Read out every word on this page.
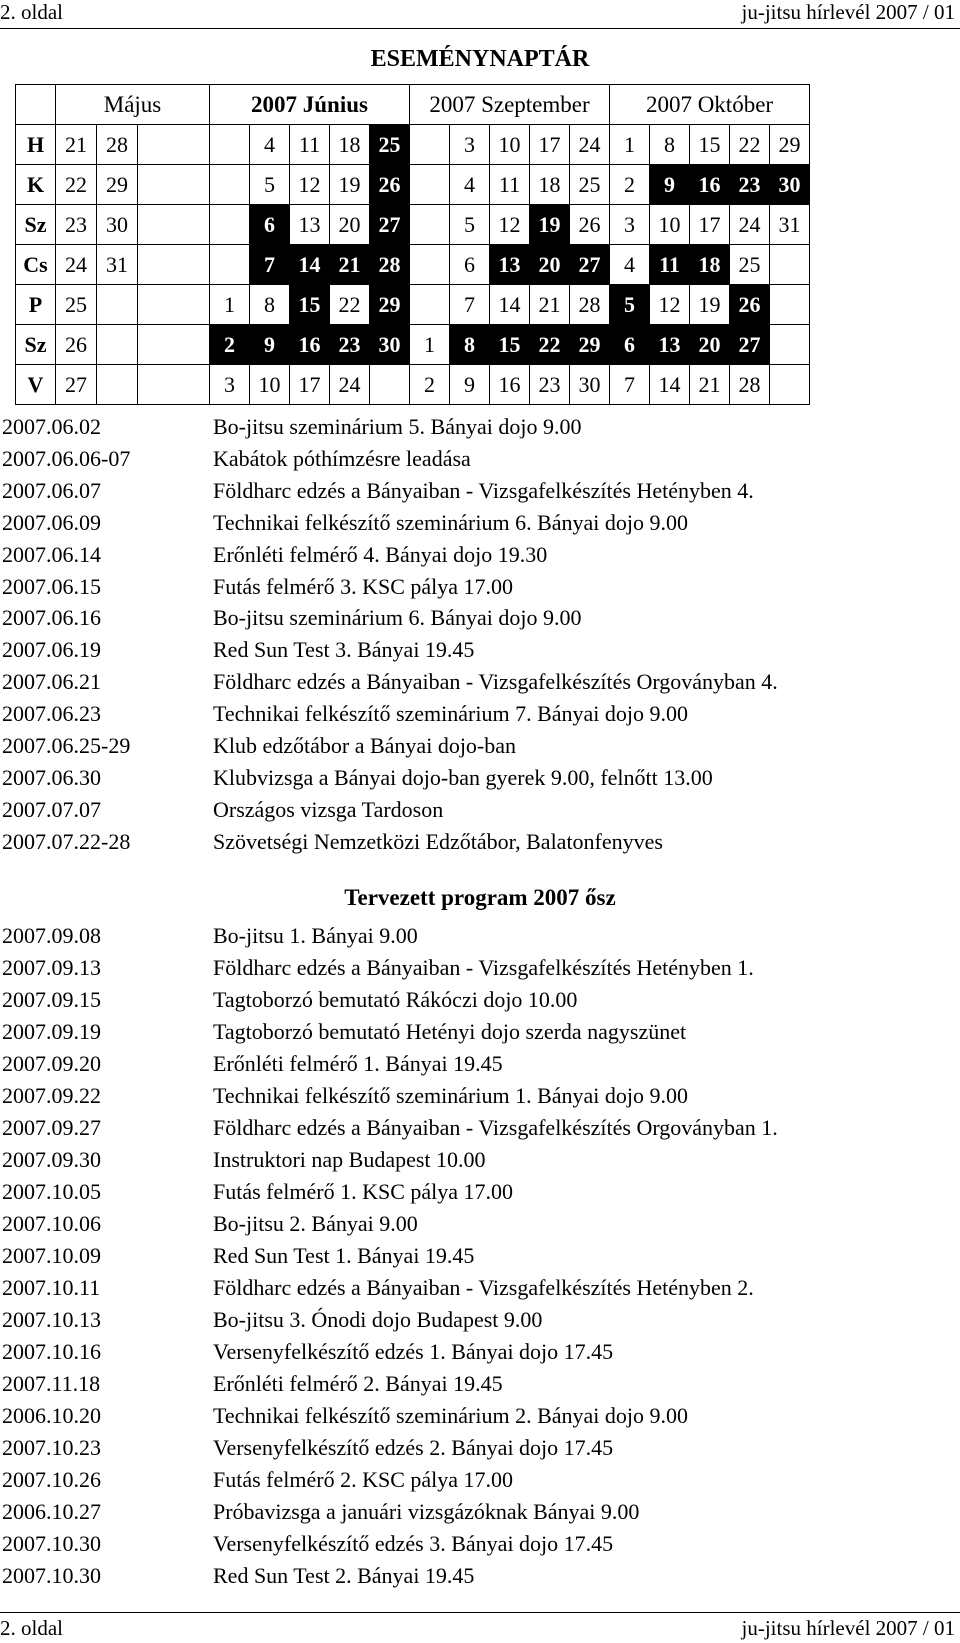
2. oldal	ju-jitsu hírlevél 2007 / 01
ESEMÉNYNAPTÁR
	Május			2007 Június					2007 Szeptember					2007 Október				
H	21	28			4	11	18	25		3	10	17	24	1	8	15	22	29
K	22	29			5	12	19	26		4	11	18	25	2	9	16	23	30
Sz	23	30			6	13	20	27		5	12	19	26	3	10	17	24	31
Cs	24	31			7	14	21	28		6	13	20	27	4	11	18	25	
P	25			1	8	15	22	29		7	14	21	28	5	12	19	26	
Sz	26			2	9	16	23	30	1	8	15	22	29	6	13	20	27	
V	27			3	10	17	24		2	9	16	23	30	7	14	21	28	
2007.06.02	Bo-jitsu szeminárium 5. Bányai dojo 9.00
2007.06.06-07	Kabátok póthímzésre leadása
2007.06.07	Földharc edzés a Bányaiban - Vizsgafelkészítés Hetényben 4.
2007.06.09	Technikai felkészítő szeminárium 6. Bányai dojo 9.00
2007.06.14	Erőnléti felmérő 4. Bányai dojo 19.30
2007.06.15	Futás felmérő 3. KSC pálya 17.00
2007.06.16	Bo-jitsu szeminárium 6. Bányai dojo 9.00
2007.06.19	Red Sun Test 3. Bányai 19.45
2007.06.21	Földharc edzés a Bányaiban - Vizsgafelkészítés Orgoványban 4.
2007.06.23	Technikai felkészítő szeminárium 7. Bányai dojo 9.00
2007.06.25-29	Klub edzőtábor a Bányai dojo-ban
2007.06.30	Klubvizsga a Bányai dojo-ban gyerek 9.00, felnőtt 13.00
2007.07.07	Országos vizsga Tardoson
2007.07.22-28	Szövetségi Nemzetközi Edzőtábor, Balatonfenyves
Tervezett program 2007 ősz
2007.09.08	Bo-jitsu 1. Bányai 9.00
2007.09.13	Földharc edzés a Bányaiban - Vizsgafelkészítés Hetényben 1.
2007.09.15	Tagtoborzó bemutató Rákóczi dojo 10.00
2007.09.19	Tagtoborzó bemutató Hetényi dojo szerda nagyszünet
2007.09.20	Erőnléti felmérő 1. Bányai 19.45
2007.09.22	Technikai felkészítő szeminárium 1. Bányai dojo 9.00
2007.09.27	Földharc edzés a Bányaiban - Vizsgafelkészítés Orgoványban 1.
2007.09.30	Instruktori nap Budapest 10.00
2007.10.05	Futás felmérő 1. KSC pálya 17.00
2007.10.06	Bo-jitsu 2. Bányai 9.00
2007.10.09	Red Sun Test 1. Bányai 19.45
2007.10.11	Földharc edzés a Bányaiban - Vizsgafelkészítés Hetényben 2.
2007.10.13	Bo-jitsu 3. Ónodi dojo Budapest 9.00
2007.10.16	Versenyfelkészítő edzés 1. Bányai dojo 17.45
2007.11.18	Erőnléti felmérő 2. Bányai 19.45
2006.10.20	Technikai felkészítő szeminárium 2. Bányai dojo 9.00
2007.10.23	Versenyfelkészítő edzés 2. Bányai dojo 17.45
2007.10.26	Futás felmérő 2. KSC pálya 17.00
2006.10.27	Próbavizsga a januári vizsgázóknak Bányai 9.00
2007.10.30	Versenyfelkészítő edzés 3. Bányai dojo 17.45
2007.10.30	Red Sun Test 2. Bányai 19.45
2. oldal	ju-jitsu hírlevél 2007 / 01
